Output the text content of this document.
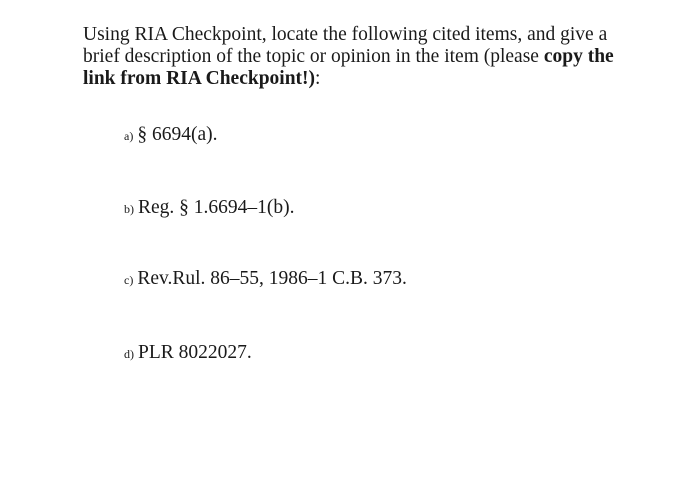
Using RIA Checkpoint, locate the following cited items, and give a brief description of the topic or opinion in the item (please copy the link from RIA Checkpoint!):

a) § 6694(a).
b) Reg. § 1.6694–1(b).
c) Rev.Rul. 86–55, 1986–1 C.B. 373.
d) PLR 8022027.
